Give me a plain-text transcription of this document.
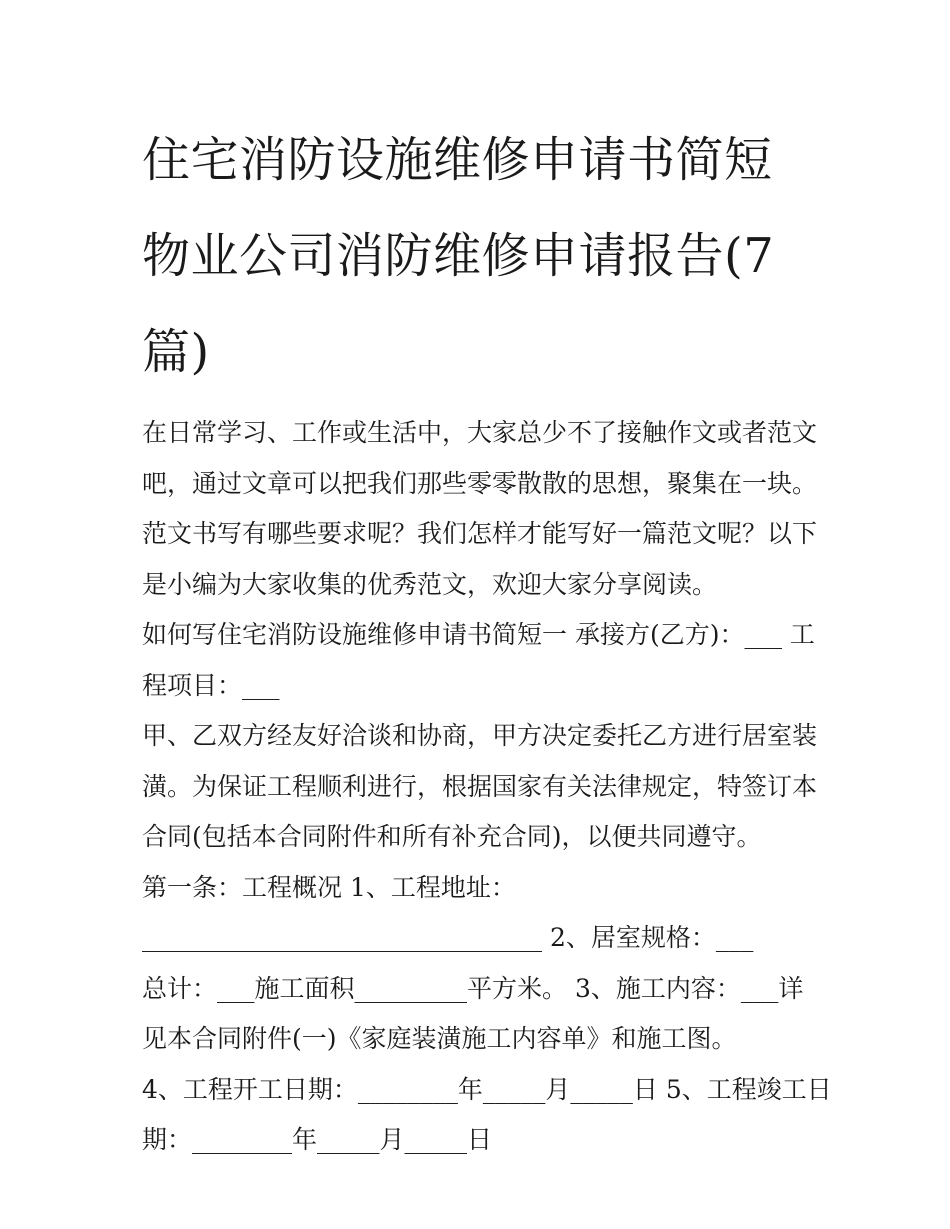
住宅消防设施维修申请书简短
物业公司消防维修申请报告(7
篇)

在日常学习、工作或生活中，大家总少不了接触作文或者范文
吧，通过文章可以把我们那些零零散散的思想，聚集在一块。
范文书写有哪些要求呢？我们怎样才能写好一篇范文呢？以下
是小编为大家收集的优秀范文，欢迎大家分享阅读。

如何写住宅消防设施维修申请书简短一 承接方(乙方)：___ 工
程项目：___

甲、乙双方经友好洽谈和协商，甲方决定委托乙方进行居室装
潢。为保证工程顺利进行，根据国家有关法律规定，特签订本
合同(包括本合同附件和所有补充合同)，以便共同遵守。

第一条：工程概况 1、工程地址：
________________________________ 2、居室规格：___
总计：___施工面积_________平方米。 3、施工内容：___详
见本合同附件(一)《家庭装潢施工内容单》和施工图。

4、工程开工日期：________年_____月_____日 5、工程竣工日
期：________年_____月_____日
